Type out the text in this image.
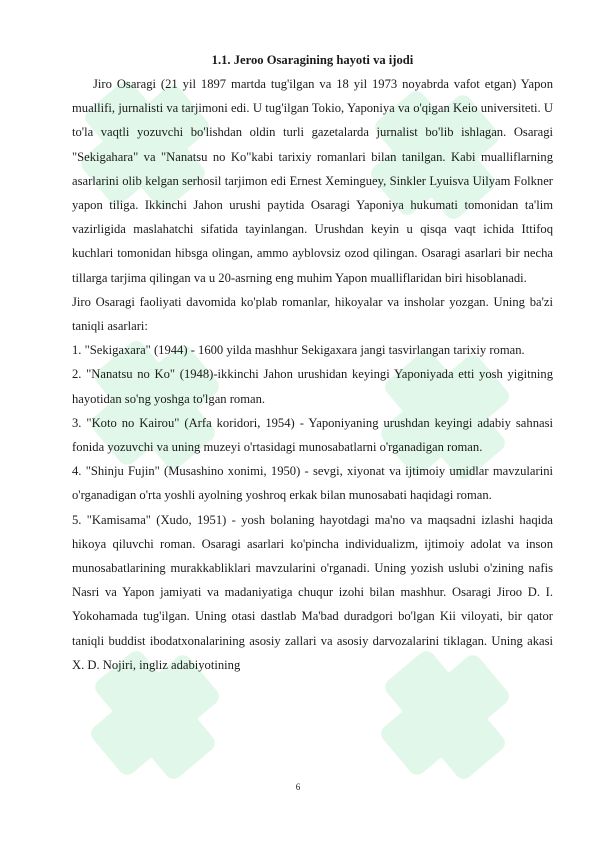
1.1. Jeroo Osaragining hayoti va ijodi

Jiro Osaragi (21 yil 1897 martda tug'ilgan va 18 yil 1973 noyabrda vafot etgan) Yapon muallifi, jurnalisti va tarjimoni edi. U tug'ilgan Tokio, Yaponiya va o'qigan Keio universiteti. U to'la vaqtli yozuvchi bo'lishdan oldin turli gazetalarda jurnalist bo'lib ishlagan. Osaragi "Sekigahara" va "Nanatsu no Ko"kabi tarixiy romanlari bilan tanilgan. Kabi mualliflarning asarlarini olib kelgan serhosil tarjimon edi Ernest Xeminguey, Sinkler Lyuisva Uilyam Folkner yapon tiliga. Ikkinchi Jahon urushi paytida Osaragi Yaponiya hukumati tomonidan ta'lim vazirligida maslahatchi sifatida tayinlangan. Urushdan keyin u qisqa vaqt ichida Ittifoq kuchlari tomonidan hibsga olingan, ammo ayblovsiz ozod qilingan. Osaragi asarlari bir necha tillarga tarjima qilingan va u 20-asrning eng muhim Yapon mualliflaridan biri hisoblanadi.

Jiro Osaragi faoliyati davomida ko'plab romanlar, hikoyalar va insholar yozgan. Uning ba'zi taniqli asarlari:

1. "Sekigaxara" (1944) - 1600 yilda mashhur Sekigaxara jangi tasvirlangan tarixiy roman.

2. "Nanatsu no Ko" (1948)-ikkinchi Jahon urushidan keyingi Yaponiyada etti yosh yigitning hayotidan so'ng yoshga to'lgan roman.

3. "Koto no Kairou" (Arfa koridori, 1954) - Yaponiyaning urushdan keyingi adabiy sahnasi fonida yozuvchi va uning muzeyi o'rtasidagi munosabatlarni o'rganadigan roman.

4. "Shinju Fujin" (Musashino xonimi, 1950) - sevgi, xiyonat va ijtimoiy umidlar mavzularini o'rganadigan o'rta yoshli ayolning yoshroq erkak bilan munosabati haqidagi roman.

5. "Kamisama" (Xudo, 1951) - yosh bolaning hayotdagi ma'no va maqsadni izlashi haqida hikoya qiluvchi roman. Osaragi asarlari ko'pincha individualizm, ijtimoiy adolat va inson munosabatlarining murakkabliklari mavzularini o'rganadi. Uning yozish uslubi o'zining nafis Nasri va Yapon jamiyati va madaniyatiga chuqur izohi bilan mashhur. Osaragi Jiroo D. I. Yokohamada tug'ilgan. Uning otasi dastlab Ma'bad duradgori bo'lgan Kii viloyati, bir qator taniqli buddist ibodatxonalarining asosiy zallari va asosiy darvozalarini tiklagan. Uning akasi X. D. Nojiri, ingliz adabiyotining

6
